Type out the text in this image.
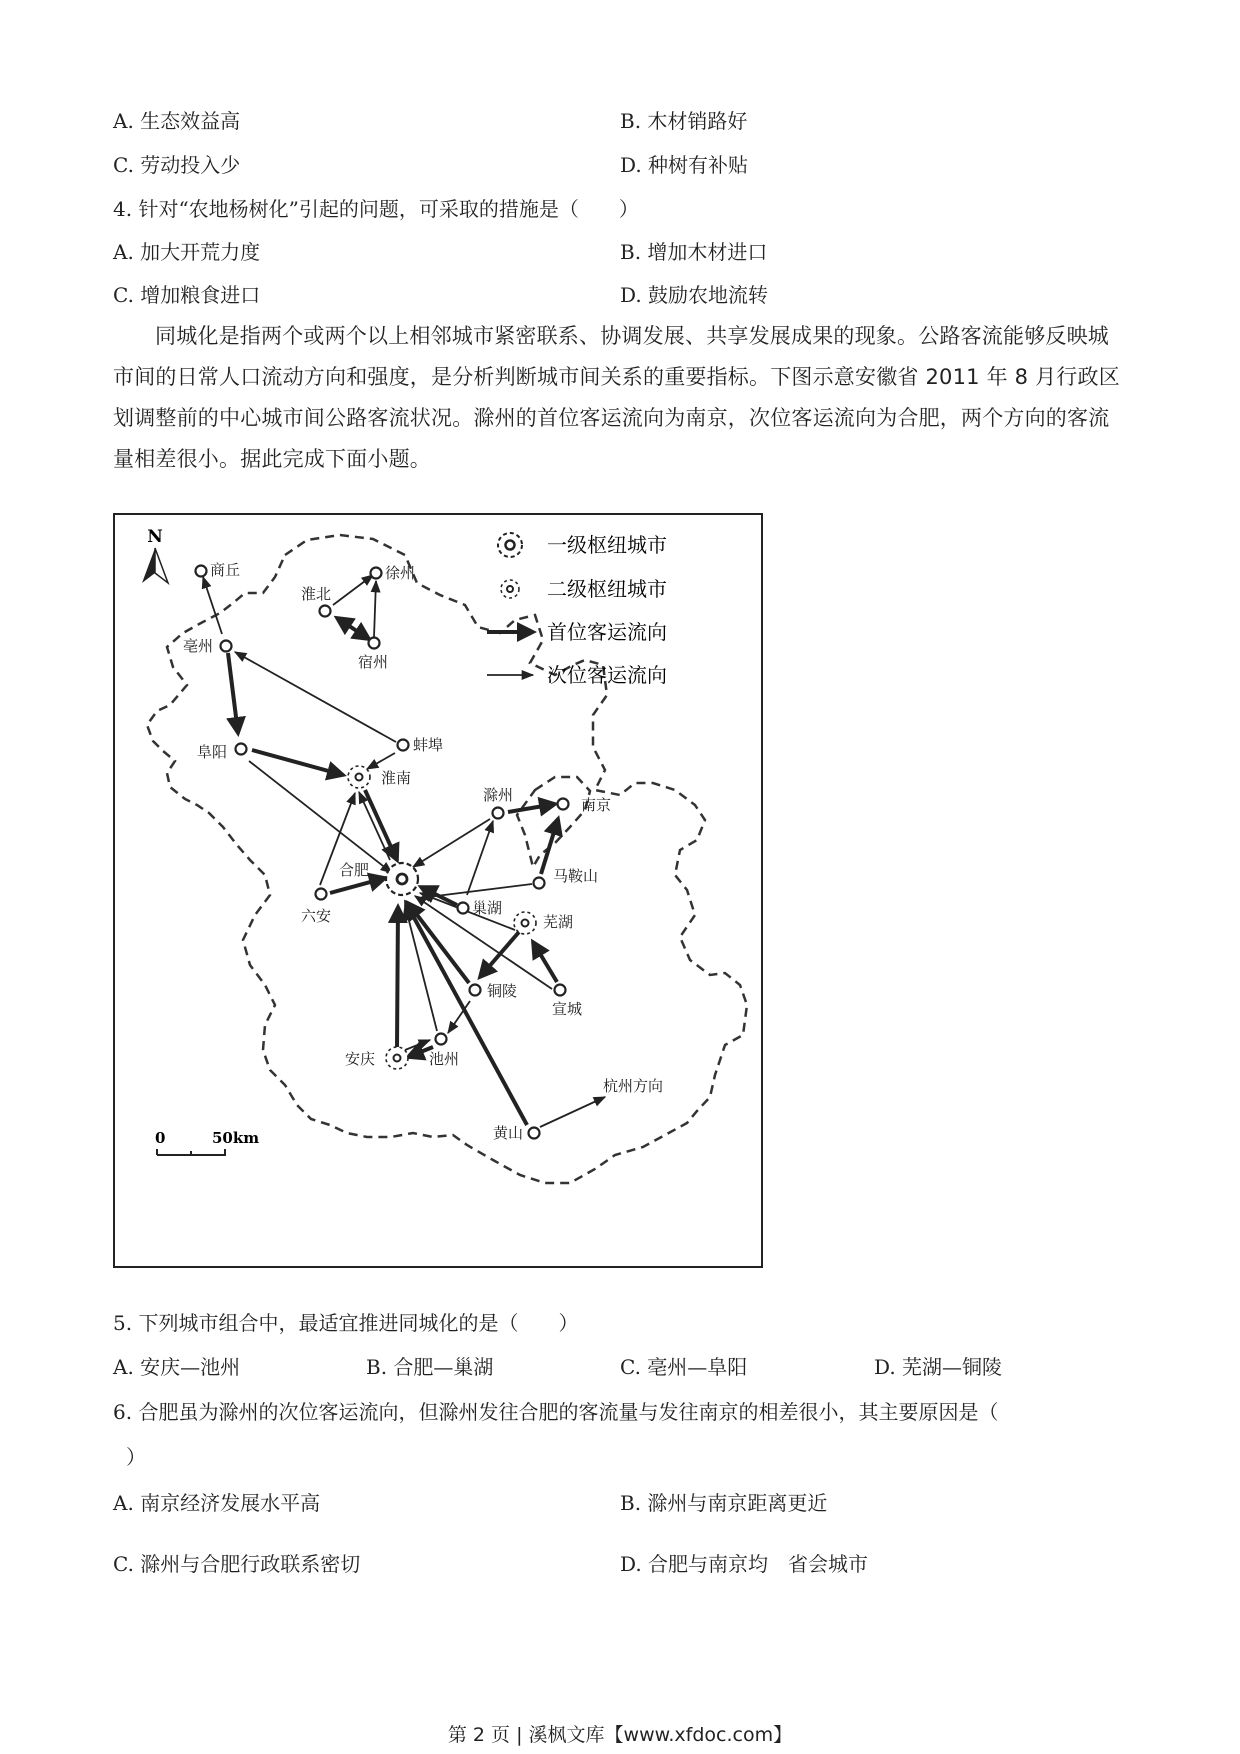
A. 生态效益高	B. 木材销路好
C. 劳动投入少	D. 种树有补贴
4. 针对“农地杨树化”引起的问题，可采取的措施是（　　）
A. 加大开荒力度	B. 增加木材进口
C. 增加粮食进口	D. 鼓励农地流转
同城化是指两个或两个以上相邻城市紧密联系、协调发展、共享发展成果的现象。公路客流能够反映城市间的日常人口流动方向和强度，是分析判断城市间关系的重要指标。下图示意安徽省 2011 年 8 月行政区划调整前的中心城市间公路客流状况。滁州的首位客运流向为南京，次位客运流向为合肥，两个方向的客流量相差很小。据此完成下面小题。
N	一级枢纽城市
二级枢纽城市
首位客运流向
次位客运流向
0	50km
商丘	徐州
淮北
宿州
亳州
阜阳	蚌埠
淮南
滁州
南京
合肥	马鞍山
六安	巢湖
芜湖
铜陵
宣城
安庆	池州
杭州方向
黄山
5. 下列城市组合中，最适宜推进同城化的是（　　）
A. 安庆—池州	B. 合肥—巢湖	C. 亳州—阜阳	D. 芜湖—铜陵
6. 合肥虽为滁州的次位客运流向，但滁州发往合肥的客流量与发往南京的相差很小，其主要原因是（
）
A. 南京经济发展水平高	B. 滁州与南京距离更近
C. 滁州与合肥行政联系密切	D. 合肥与南京均　省会城市
第 2 页 | 溪枫文库【www.xfdoc.com】
